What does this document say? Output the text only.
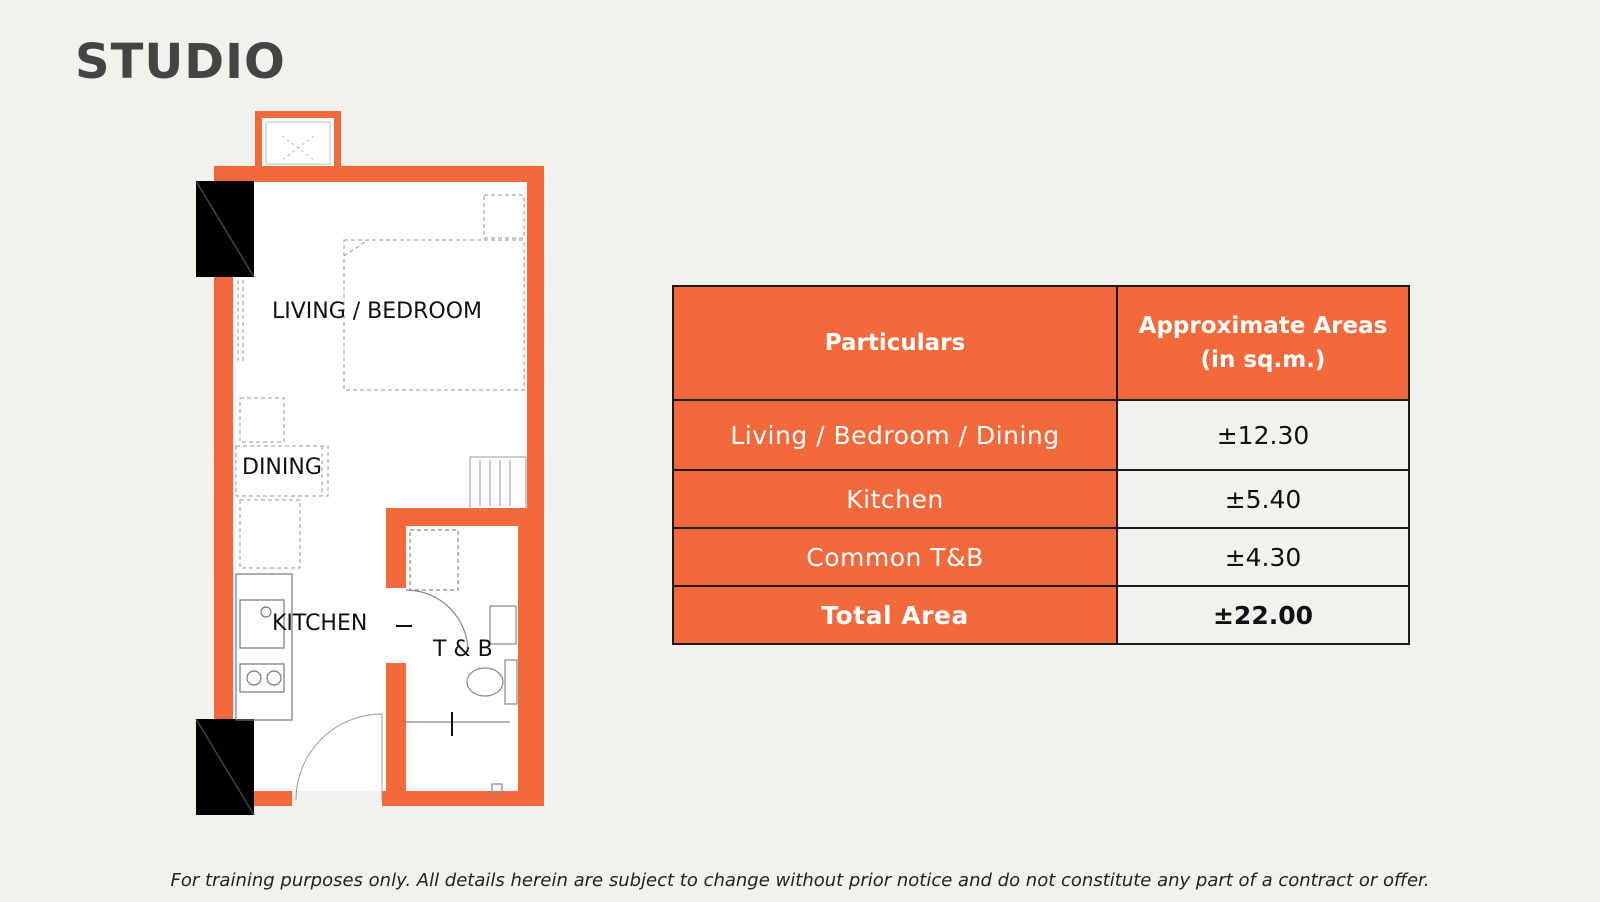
STUDIO
LIVING / BEDROOM
DINING
KITCHEN
T & B
Particulars	Approximate Areas
(in sq.m.)
Living / Bedroom / Dining	±12.30
Kitchen	±5.40
Common T&B	±4.30
Total Area	±22.00
For training purposes only. All details herein are subject to change without prior notice and do not constitute any part of a contract or offer.
